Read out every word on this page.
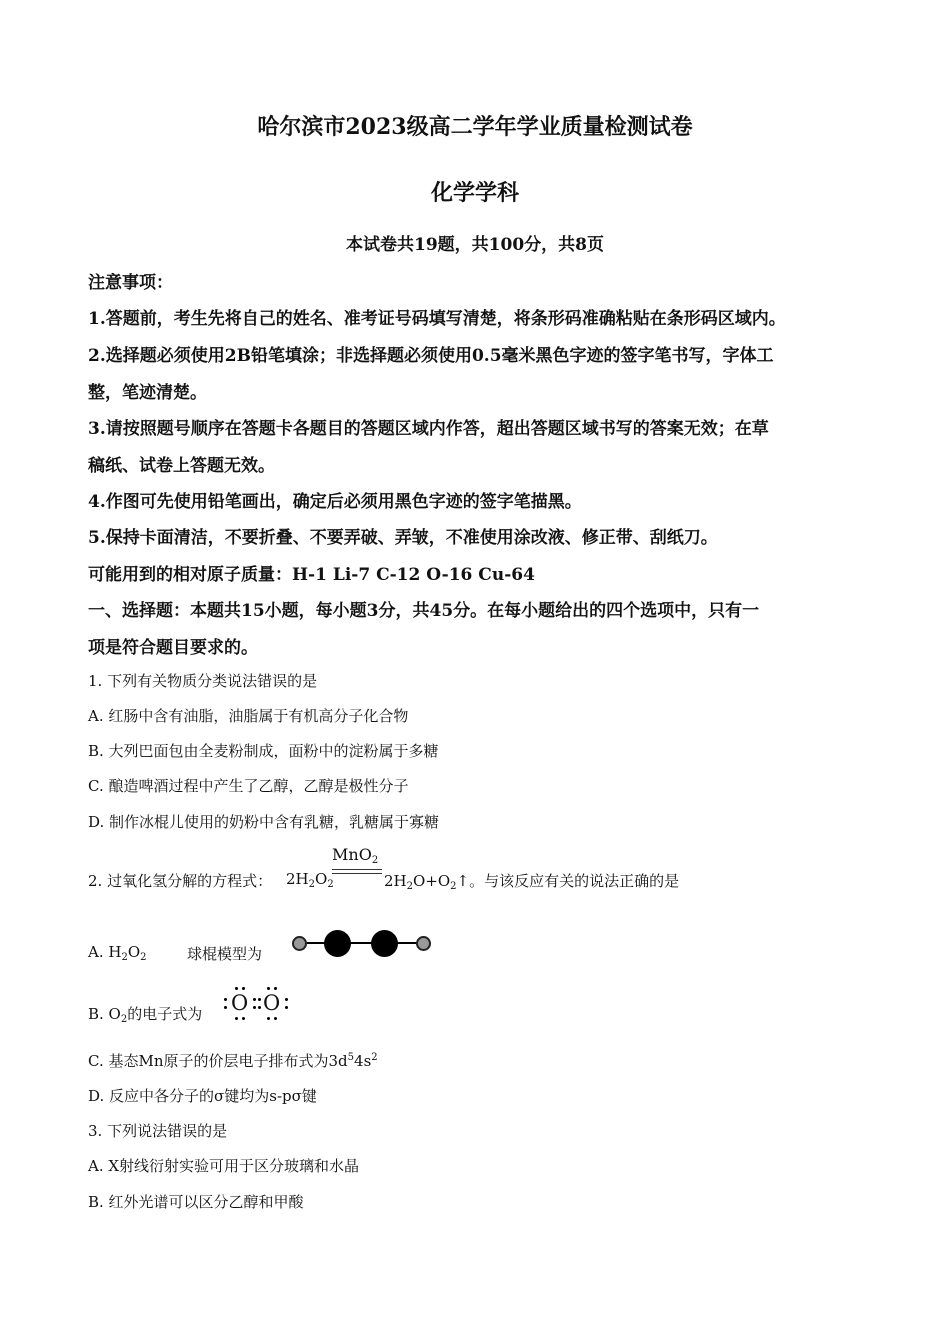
哈尔滨市2023级高二学年学业质量检测试卷
化学学科
本试卷共19题，共100分，共8页
注意事项：
1.答题前，考生先将自己的姓名、准考证号码填写清楚，将条形码准确粘贴在条形码区域内。
2.选择题必须使用2B铅笔填涂；非选择题必须使用0.5毫米黑色字迹的签字笔书写，字体工
整，笔迹清楚。
3.请按照题号顺序在答题卡各题目的答题区域内作答，超出答题区域书写的答案无效；在草
稿纸、试卷上答题无效。
4.作图可先使用铅笔画出，确定后必须用黑色字迹的签字笔描黑。
5.保持卡面清洁，不要折叠、不要弄破、弄皱，不准使用涂改液、修正带、刮纸刀。
可能用到的相对原子质量：H-1 Li-7 C-12 O-16 Cu-64
一、选择题：本题共15小题，每小题3分，共45分。在每小题给出的四个选项中，只有一
项是符合题目要求的。
1. 下列有关物质分类说法错误的是
A. 红肠中含有油脂，油脂属于有机高分子化合物
B. 大列巴面包由全麦粉制成，面粉中的淀粉属于多糖
C. 酿造啤酒过程中产生了乙醇，乙醇是极性分子
D. 制作冰棍儿使用的奶粉中含有乳糖，乳糖属于寡糖
2. 过氧化氢分解的方程式： $2H_2O_2$
MnO$_2$
$2H_2O+O_2↑$。与该反应有关的说法正确的是
A. $H_2O_2$	球棍模型为
B. $O_2$的电子式为 O O
C. 基态Mn原子的价层电子排布式为$3d^54s^2$
D. 反应中各分子的σ键均为s-pσ键
3. 下列说法错误的是
A. X射线衍射实验可用于区分玻璃和水晶
B. 红外光谱可以区分乙醇和甲酸
